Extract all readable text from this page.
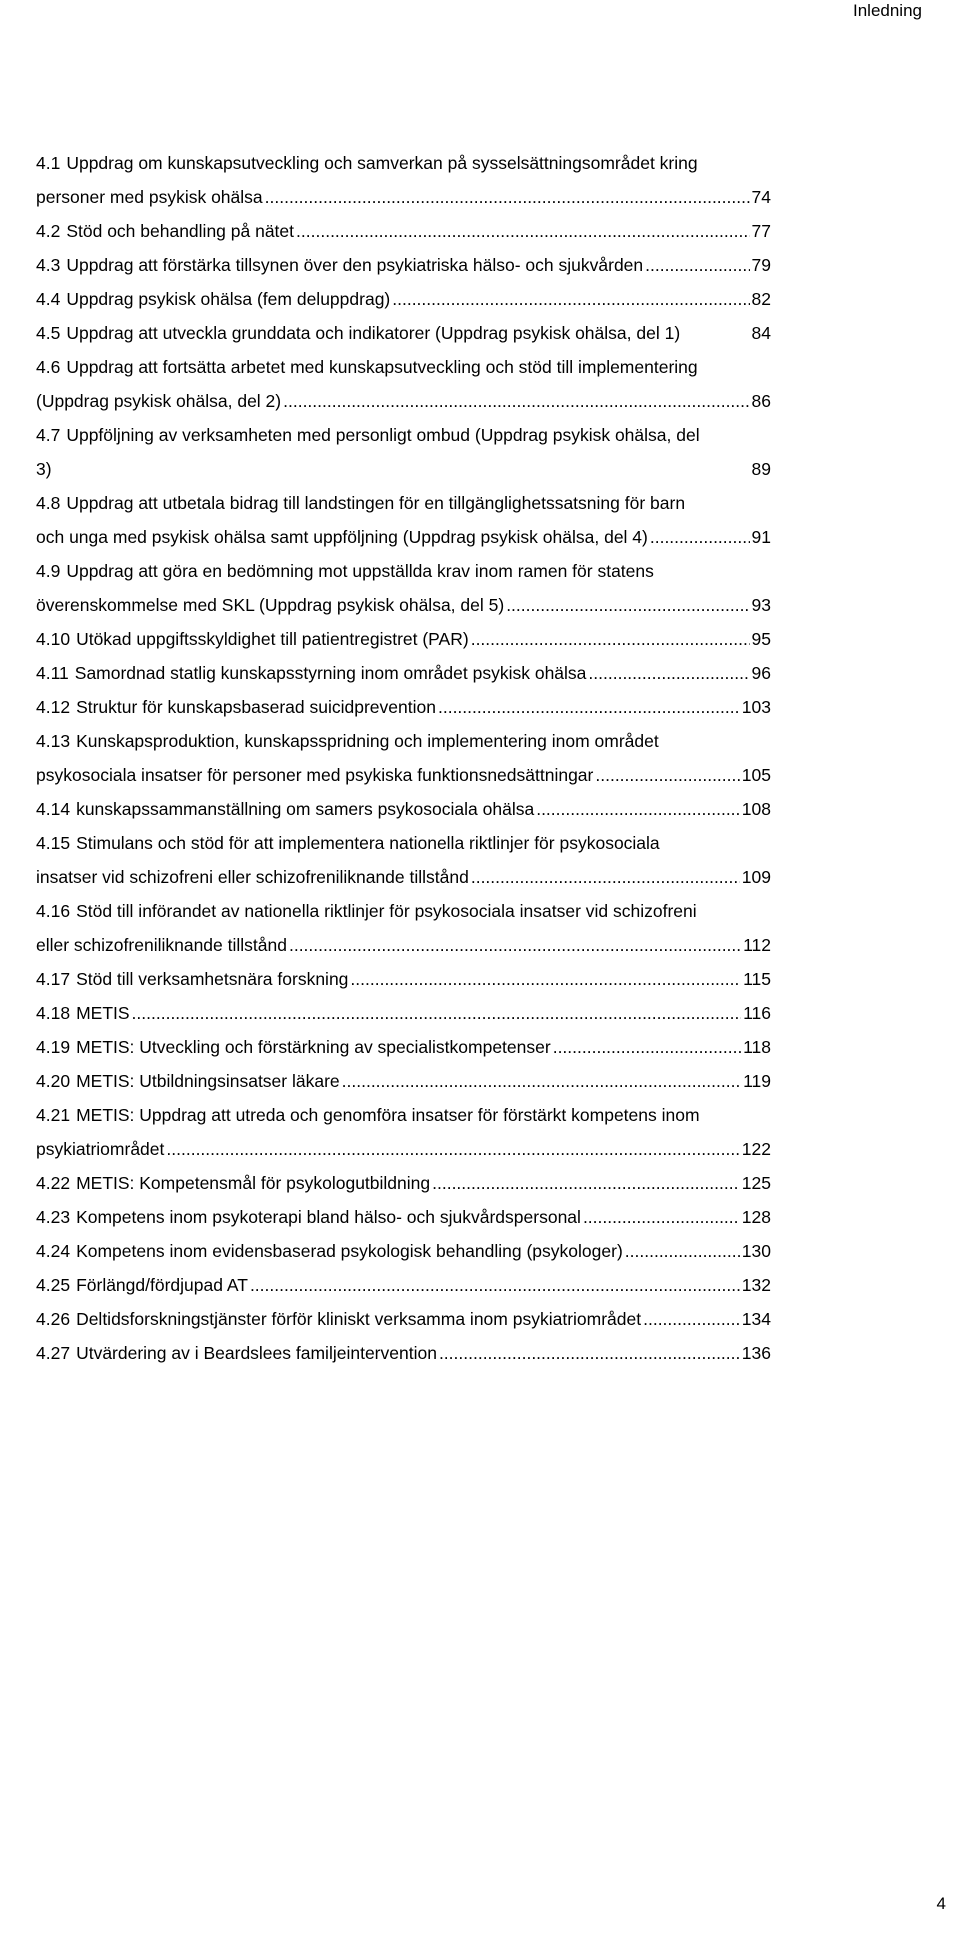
Inledning
4.1 Uppdrag om kunskapsutveckling och samverkan på sysselsättningsområdet kring
personer med psykisk ohälsa .....	74
4.2 Stöd och behandling på nätet .....	77
4.3 Uppdrag att förstärka tillsynen över den psykiatriska hälso- och sjukvården .....	79
4.4 Uppdrag psykisk ohälsa (fem deluppdrag) .....	82
4.5 Uppdrag att utveckla grunddata och indikatorer (Uppdrag psykisk ohälsa, del 1)	84
4.6 Uppdrag att fortsätta arbetet med kunskapsutveckling och stöd till implementering
(Uppdrag psykisk ohälsa, del 2) .....	86
4.7 Uppföljning av verksamheten med personligt ombud (Uppdrag psykisk ohälsa, del
3)	89
4.8 Uppdrag att utbetala bidrag till landstingen för en tillgänglighetssatsning för barn
och unga med psykisk ohälsa samt uppföljning (Uppdrag psykisk ohälsa, del 4) .....	91
4.9 Uppdrag att göra en bedömning mot uppställda krav inom ramen för statens
överenskommelse med SKL (Uppdrag psykisk ohälsa, del 5) .....	93
4.10 Utökad uppgiftsskyldighet till patientregistret (PAR) .....	95
4.11 Samordnad statlig kunskapsstyrning inom området psykisk ohälsa .....	96
4.12 Struktur för kunskapsbaserad suicidprevention .....	103
4.13 Kunskapsproduktion, kunskapsspridning och implementering inom området
psykosociala insatser för personer med psykiska funktionsnedsättningar .....	105
4.14 kunskapssammanställning om samers psykosociala ohälsa .....	108
4.15 Stimulans och stöd för att implementera nationella riktlinjer för psykosociala
insatser vid schizofreni eller schizofreniliknande tillstånd .....	109
4.16 Stöd till införandet av nationella riktlinjer för psykosociala insatser vid schizofreni
eller schizofreniliknande tillstånd .....	112
4.17 Stöd till verksamhetsnära forskning .....	115
4.18 METIS .....	116
4.19 METIS: Utveckling och förstärkning av specialistkompetenser .....	118
4.20 METIS: Utbildningsinsatser läkare .....	119
4.21 METIS: Uppdrag att utreda och genomföra insatser för förstärkt kompetens inom
psykiatriområdet .....	122
4.22 METIS: Kompetensmål för psykologutbildning .....	125
4.23 Kompetens inom psykoterapi bland hälso- och sjukvårdspersonal .....	128
4.24 Kompetens inom evidensbaserad psykologisk behandling (psykologer) .....	130
4.25 Förlängd/fördjupad AT .....	132
4.26 Deltidsforskningstjänster förför kliniskt verksamma inom psykiatriområdet .....	134
4.27 Utvärdering av i Beardslees familjeintervention .....	136
4
